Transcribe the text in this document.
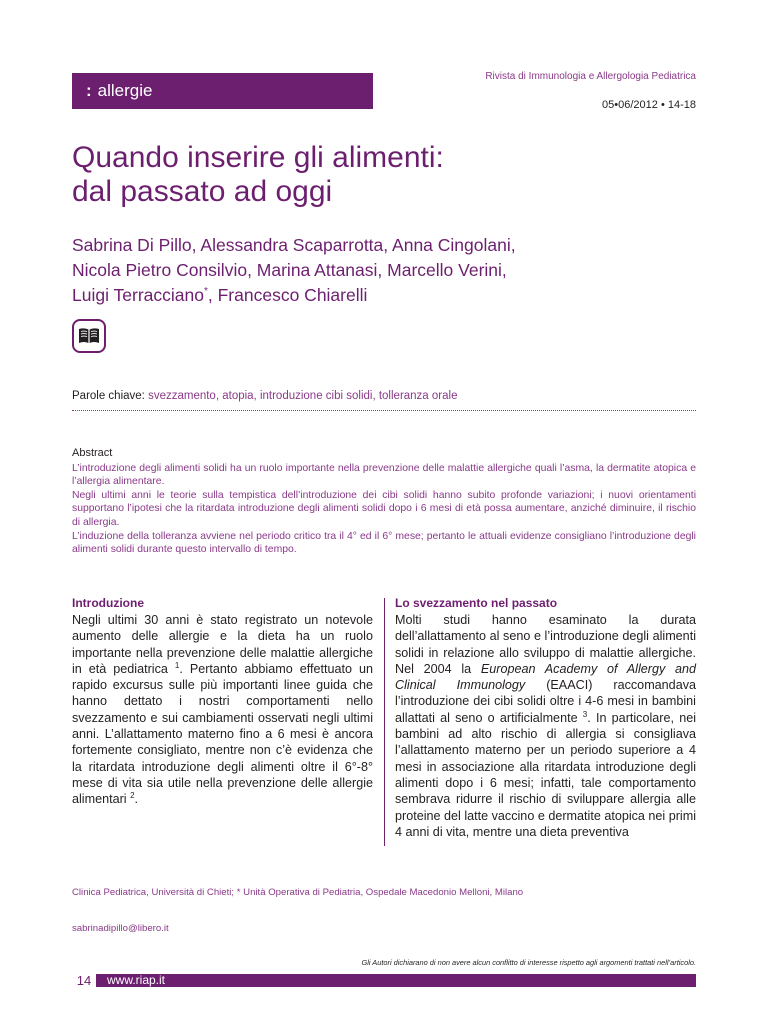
: allergie
Rivista di Immunologia e Allergologia Pediatrica
05•06/2012 • 14-18
Quando inserire gli alimenti:
dal passato ad oggi
Sabrina Di Pillo, Alessandra Scaparrotta, Anna Cingolani,
Nicola Pietro Consilvio, Marina Attanasi, Marcello Verini,
Luigi Terracciano*, Francesco Chiarelli
Parole chiave: svezzamento, atopia, introduzione cibi solidi, tolleranza orale
Abstract

L’introduzione degli alimenti solidi ha un ruolo importante nella prevenzione delle malattie allergiche quali l’asma, la dermatite atopica e l’allergia alimentare.

Negli ultimi anni le teorie sulla tempistica dell’introduzione dei cibi solidi hanno subito profonde variazioni; i nuovi orientamenti supportano l’ipotesi che la ritardata introduzione degli alimenti solidi dopo i 6 mesi di età possa aumentare, anziché diminuire, il rischio di allergia.

L’induzione della tolleranza avviene nel periodo critico tra il 4° ed il 6° mese; pertanto le attuali evidenze consigliano l’introduzione degli alimenti solidi durante questo intervallo di tempo.

Introduzione

Negli ultimi 30 anni è stato registrato un notevole aumento delle allergie e la dieta ha un ruolo importante nella prevenzione delle malattie allergiche in età pediatrica $^1$. Pertanto abbiamo effettuato un rapido excursus sulle più importanti linee guida che hanno dettato i nostri comportamenti nello svezzamento e sui cambiamenti osservati negli ultimi anni. L’allattamento materno fino a 6 mesi è ancora fortemente consigliato, mentre non c’è evidenza che la ritardata introduzione degli alimenti oltre il 6°-8° mese di vita sia utile nella prevenzione delle allergie alimentari $^2$.

Lo svezzamento nel passato

Molti studi hanno esaminato la durata dell’allattamento al seno e l’introduzione degli alimenti solidi in relazione allo sviluppo di malattie allergiche. Nel 2004 la European Academy of Allergy and Clinical Immunology (EAACI) raccomandava l’introduzione dei cibi solidi oltre i 4-6 mesi in bambini allattati al seno o artificialmente $^3$. In particolare, nei bambini ad alto rischio di allergia si consigliava l’allattamento materno per un periodo superiore a 4 mesi in associazione alla ritardata introduzione degli alimenti dopo i 6 mesi; infatti, tale comportamento sembrava ridurre il rischio di sviluppare allergia alle proteine del latte vaccino e dermatite atopica nei primi 4 anni di vita, mentre una dieta preventiva

Clinica Pediatrica, Università di Chieti; * Unità Operativa di Pediatria, Ospedale Macedonio Melloni, Milano
sabrinadipillo@libero.it
Gli Autori dichiarano di non avere alcun conflitto di interesse rispetto agli argomenti trattati nell’articolo.
14	www.riap.it
